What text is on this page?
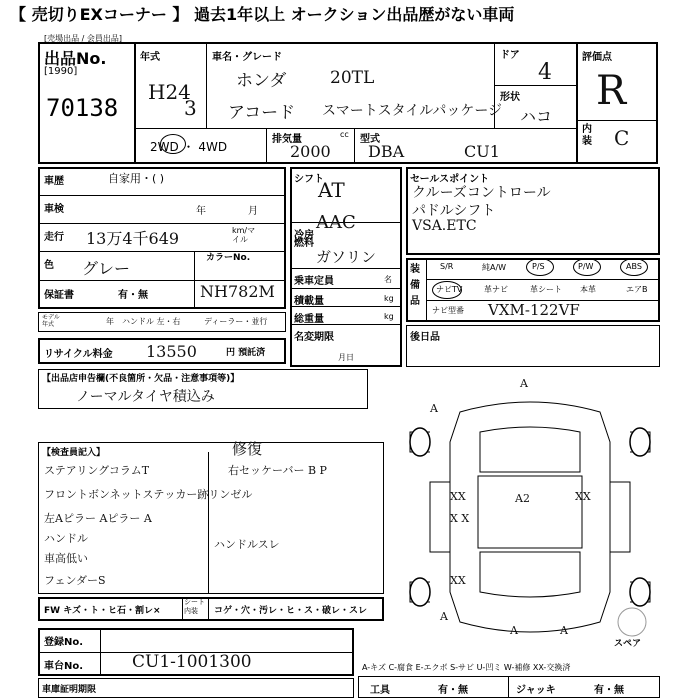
【 売切りEXコーナー 】 過去1年以上 オークション出品歴がない車両
[売場出品 / 会員出品]
出品No.
[1990]
70138
年式
H24
3
車名・グレード
ホンダ	20TL
アコード スマートスタイルパッケージ
ドア
4
形状
ハコ
評価点
R
内装 C
2WD ・ 4WD
排気量	cc
2000
型式
DBA	CU1
車歴	自家用・( )
車検	年	月
走行 13万4千649	km/マイル
色 グレー
カラーNo.
NH782M
保証書	有・無
モデル年式	年 ハンドル 左・右	ディーラー・並行
リサイクル料金 13550	円 預託済
シフト
AT
冷房
AAC
燃料
ガソリン
乗車定員	名
積載量	kg
総重量	kg
名変期限
月日
セールスポイント
クルーズコントロール
パドルシフト
VSA.ETC
装備品
S/R	純A/W	P/S	P/W	ABS
ナビTV	革ナビ	革シート 本革	エアB
ナビ型番 VXM-122VF
後日品
【出品店申告欄(不良箇所・欠品・注意事項等)】
ノーマルタイヤ積込み
【検査員記入】	修復
ステアリングコラムT
フロントボンネットステッカー跡リンゼル
左Aピラー Aピラー A
ハンドル
車高低い
フェンダーS
右セッケーバー B P
ハンドルスレ
FW キズ・ト・ヒ石・割レ×
シート内装	コゲ・穴・汚レ・ヒ・ス・破レ・スレ
登録No.
車台No.	CU1-1001300
車庫証明期限
A-キズ C-腐食 E-エクボ S-サビ U-凹ミ W-補修 XX-交換済
工具	有・無	ジャッキ	有・無
XX
X X
A2	XX
XX
A
A
A
A	A
スペア
